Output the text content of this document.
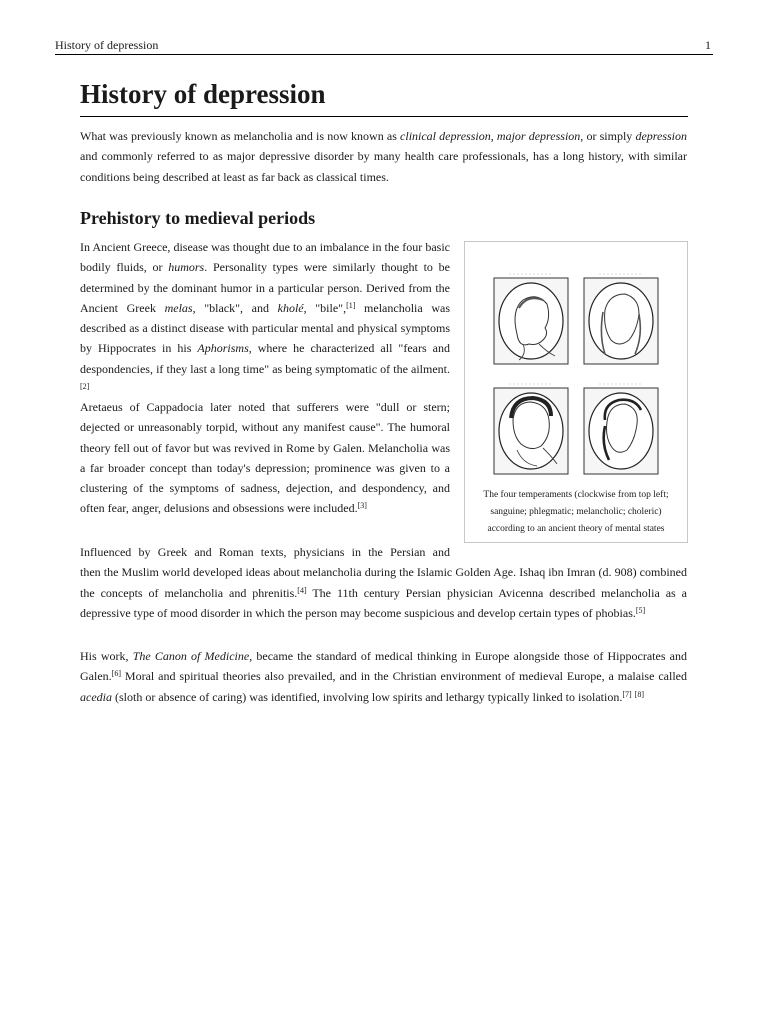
History of depression	1
History of depression

What was previously known as melancholia and is now known as clinical depression, major depression, or simply depression and commonly referred to as major depressive disorder by many health care professionals, has a long history, with similar conditions being described at least as far back as classical times.

Prehistory to medieval periods

In Ancient Greece, disease was thought due to an imbalance in the four basic bodily fluids, or humors. Personality types were similarly thought to be determined by the dominant humor in a particular person. Derived from the Ancient Greek melas, "black", and kholé, "bile",[1] melancholia was described as a distinct disease with particular mental and physical symptoms by Hippocrates in his Aphorisms, where he characterized all "fears and despondencies, if they last a long time" as being symptomatic of the ailment.[2]

Aretaeus of Cappadocia later noted that sufferers were "dull or stern; dejected or unreasonably torpid, without any manifest cause". The humoral theory fell out of favor but was revived in Rome by Galen. Melancholia was a far broader concept than today's depression; prominence was given to a clustering of the symptoms of sadness, dejection, and despondency, and often fear, anger, delusions and obsessions were included.[3]

Influenced by Greek and Roman texts, physicians in the Persian and
then the Muslim world developed ideas about melancholia during the Islamic Golden Age. Ishaq ibn Imran (d. 908) combined the concepts of melancholia and phrenitis.[4] The 11th century Persian physician Avicenna described melancholia as a depressive type of mood disorder in which the person may become suspicious and develop certain types of phobias.[5]

His work, The Canon of Medicine, became the standard of medical thinking in Europe alongside those of Hippocrates and Galen.[6] Moral and spiritual theories also prevailed, and in the Christian environment of medieval Europe, a malaise called acedia (sloth or absence of caring) was identified, involving low spirits and lethargy typically linked to isolation.[7] [8]

The four temperaments (clockwise from top left; sanguine; phlegmatic; melancholic; choleric) according to an ancient theory of mental states
